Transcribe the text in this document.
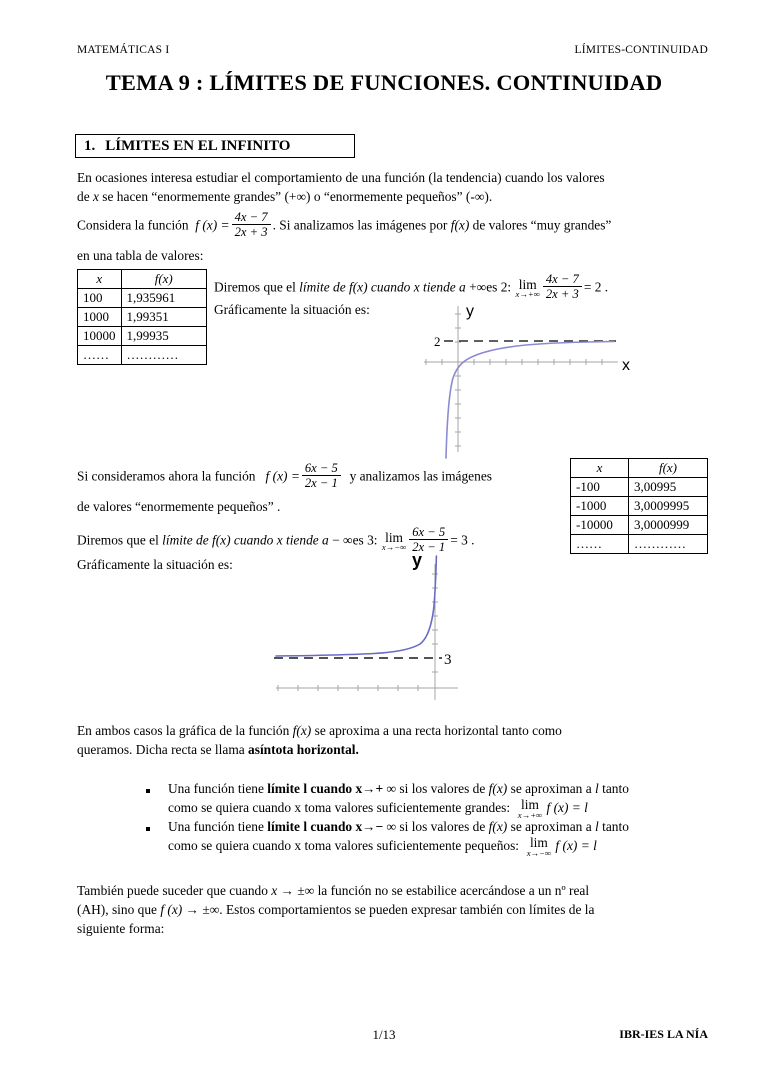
MATEMÁTICAS I	LÍMITES-CONTINUIDAD
TEMA 9 : LÍMITES DE FUNCIONES. CONTINUIDAD
1. LÍMITES EN EL INFINITO
En ocasiones interesa estudiar el comportamiento de una función (la tendencia) cuando los valores
de x se hacen “enormemente grandes” (+∞) o “enormemente pequeños” (-∞).
Considera la función f $(x) = \frac{4x - 7}{2x + 3}$ . Si analizamos las imágenes por f(x) de valores “muy grandes”
en una tabla de valores:
x	f(x)
100	1,935961
1000	1,99351
10000	1,99935
……	…………
Diremos que el límite de f(x) cuando x tiende a +∞es 2: lim
$x\to+\infty \frac{4x - 7}{2x + 3} = 2$ .
Gráficamente la situación es:	y
x
2
Si consideramos ahora la función f $(x) = \frac{6x - 5}{2x - 1}$ y analizamos las imágenes
de valores “enormemente pequeños” .
Diremos que el límite de f(x) cuando x tiende a − ∞es 3: lim
$x\to-\infty \frac{6x - 5}{2x - 1} = 3$ .
Gráficamente la situación es:
x	f(x)
-100	3,00995
-1000	3,0009995
-10000	3,0000999
……	…………
y
3
En ambos casos la gráfica de la función f(x) se aproxima a una recta horizontal tanto como
queramos. Dicha recta se llama asíntota horizontal.
Una función tiene límite l cuando x→+ ∞ si los valores de f(x) se aproximan a l tanto
como se quiera cuando x toma valores suficientemente grandes: lim
x→+∞ f (x) = l
Una función tiene límite l cuando x→− ∞ si los valores de f(x) se aproximan a l tanto
como se quiera cuando x toma valores suficientemente pequeños: lim
x→−∞ f (x) = l
También puede suceder que cuando x → ±∞ la función no se estabilice acercándose a un nº real
(AH), sino que f (x) → ±∞. Estos comportamientos se pueden expresar también con límites de la
siguiente forma:
1/13	IBR-IES LA NÍA
